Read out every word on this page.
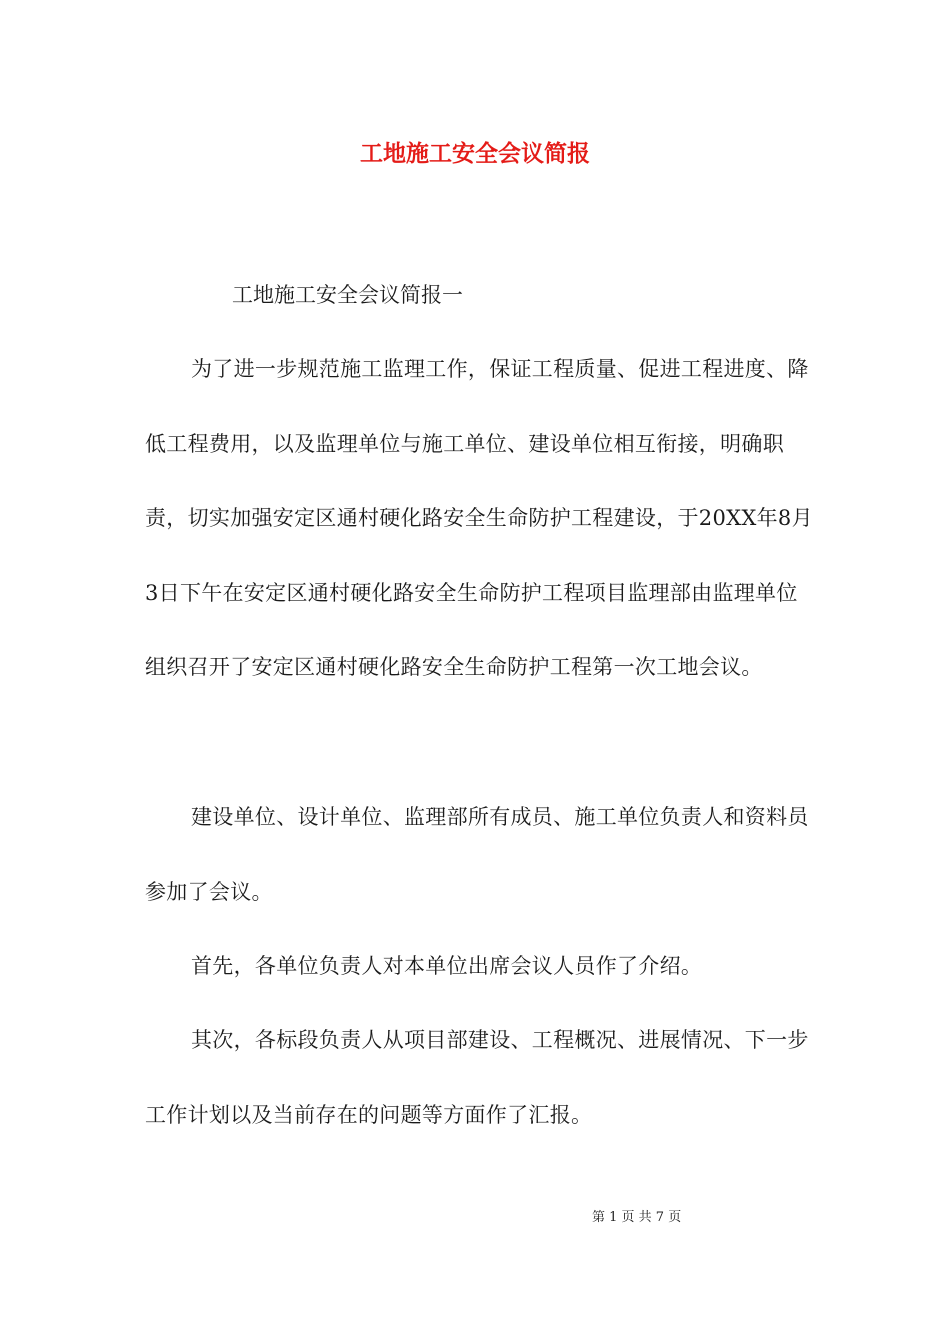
工地施工安全会议简报
工地施工安全会议简报一

为了进一步规范施工监理工作，保证工程质量、促进工程进度、降低工程费用，以及监理单位与施工单位、建设单位相互衔接，明确职责，切实加强安定区通村硬化路安全生命防护工程建设，于20XX年8月3日下午在安定区通村硬化路安全生命防护工程项目监理部由监理单位组织召开了安定区通村硬化路安全生命防护工程第一次工地会议。

建设单位、设计单位、监理部所有成员、施工单位负责人和资料员参加了会议。

首先，各单位负责人对本单位出席会议人员作了介绍。

其次，各标段负责人从项目部建设、工程概况、进展情况、下一步工作计划以及当前存在的问题等方面作了汇报。

第 1 页 共 7 页
